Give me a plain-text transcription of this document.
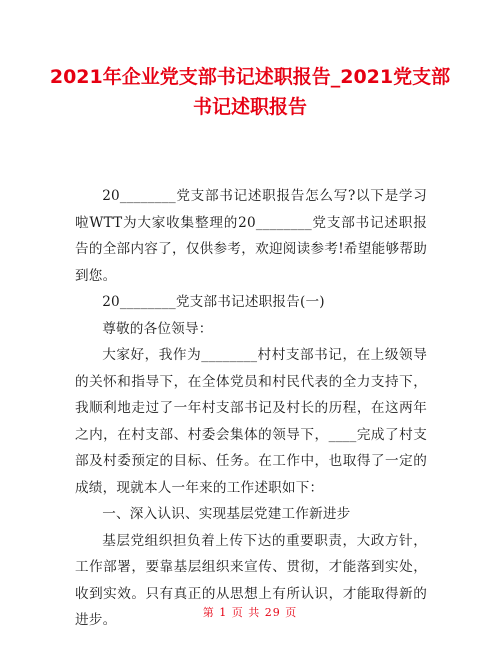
2021年企业党支部书记述职报告_2021党支部
书记述职报告

20________党支部书记述职报告怎么写?以下是学习啦WTT为大家收集整理的20________党支部书记述职报告的全部内容了，仅供参考，欢迎阅读参考!希望能够帮助到您。

20________党支部书记述职报告(一)

尊敬的各位领导：

大家好，我作为________村村支部书记，在上级领导的关怀和指导下，在全体党员和村民代表的全力支持下，我顺利地走过了一年村支部书记及村长的历程，在这两年之内，在村支部、村委会集体的领导下，____完成了村支部及村委预定的目标、任务。在工作中，也取得了一定的成绩，现就本人一年来的工作述职如下：

一、深入认识、实现基层党建工作新进步

基层党组织担负着上传下达的重要职责，大政方针，工作部署，要靠基层组织来宣传、贯彻，才能落到实处，收到实效。只有真正的从思想上有所认识，才能取得新的进步。	第 1 页 共 29 页
